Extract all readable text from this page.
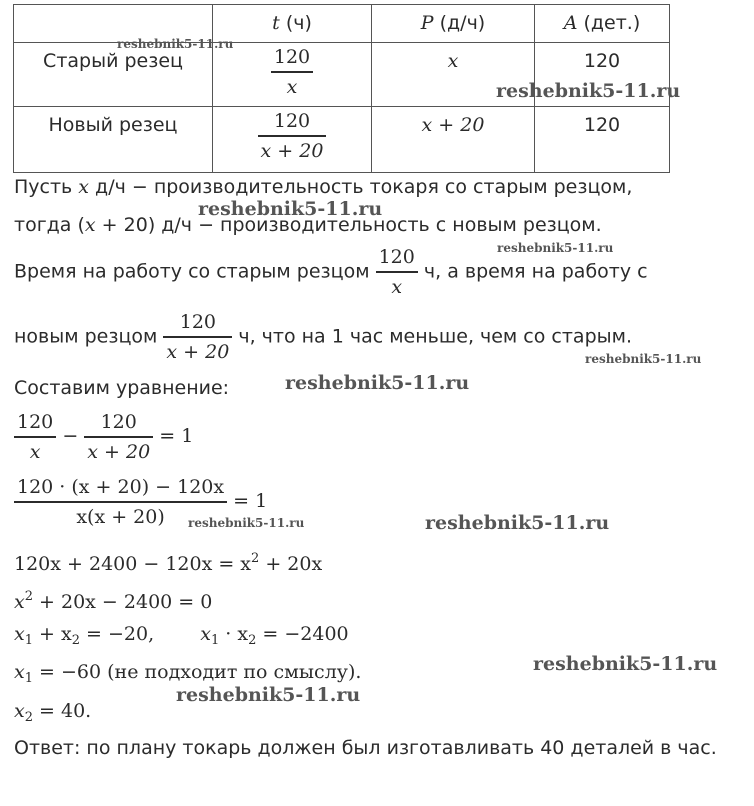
	t (ч)	P (д/ч)	A (дет.)
Старый резец	$\frac{120}{x}$	x	120
Новый резец	$\frac{120}{x + 20}$	x + 20	120
Пусть x д/ч − производительность токаря со старым резцом,
тогда (x + 20) д/ч − производительность с новым резцом.
Время на работу со старым резцом $\frac{120}{x} ч$, а время на работу с
новым резцом $\frac{120}{x + 20} ч$, что на 1 час меньше, чем со старым.
Составим уравнение:
$\frac{120}{x} - \frac{120}{x + 20} = 1$
$\frac{120 \cdot (x + 20) - 120x}{x(x + 20)} = 1$
$120x + 2400 - 120x = x^2 + 20x$
$x^2 + 20x - 2400 = 0$
$x_1 + x_2 = -20$, $x_1 \cdot x_2 = -2400$
$x_1 = -60$ (не подходит по смыслу).
$x_2 = 40$.
Ответ: по плану токарь должен был изготавливать 40 деталей в час.
reshebnik5-11.ru
reshebnik5-11.ru
reshebnik5-11.ru
reshebnik5-11.ru
reshebnik5-11.ru
reshebnik5-11.ru
reshebnik5-11.ru	reshebnik5-11.ru
reshebnik5-11.ru
reshebnik5-11.ru
